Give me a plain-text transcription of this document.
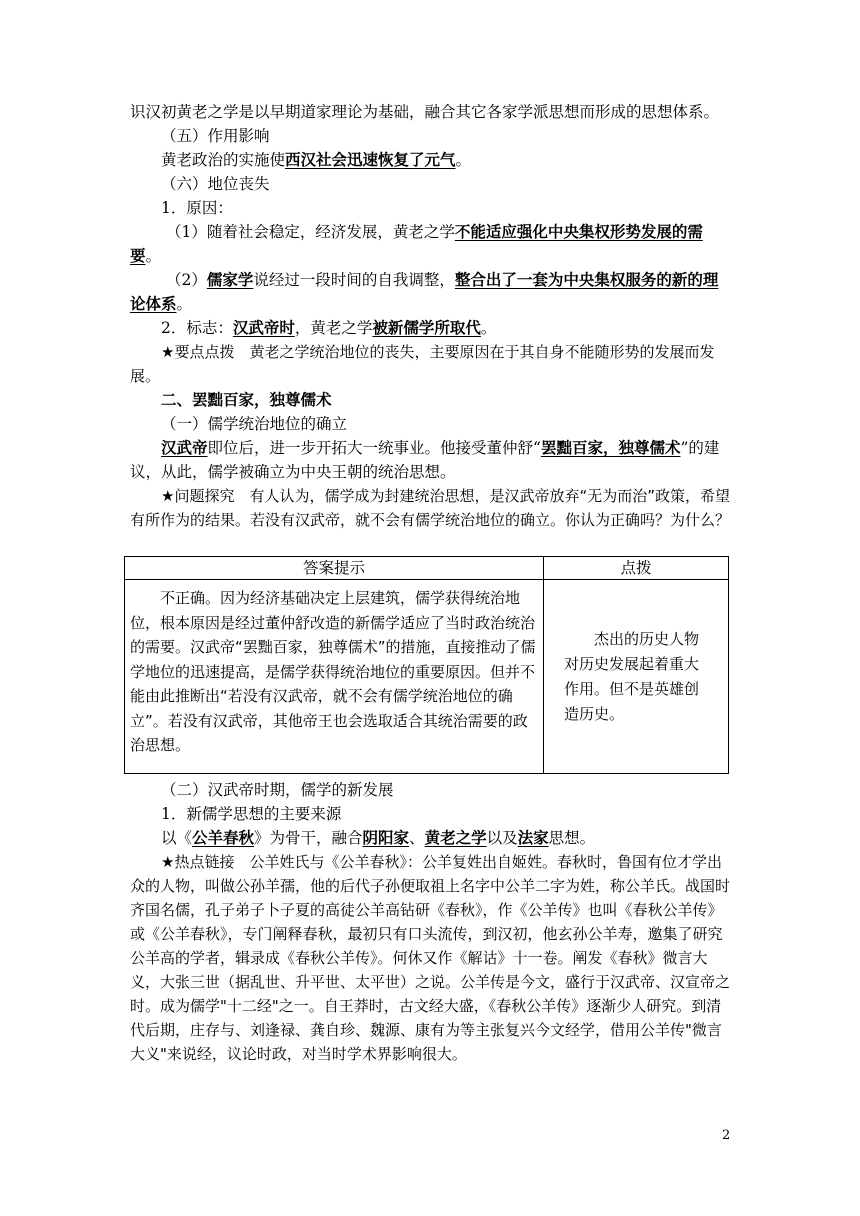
识汉初黄老之学是以早期道家理论为基础，融合其它各家学派思想而形成的思想体系。

（五）作用影响

黄老政治的实施使西汉社会迅速恢复了元气。

（六）地位丧失

1．原因：

（1）随着社会稳定，经济发展，黄老之学不能适应强化中央集权形势发展的需要。

（2）儒家学说经过一段时间的自我调整，整合出了一套为中央集权服务的新的理论体系。

2．标志：汉武帝时，黄老之学被新儒学所取代。

★要点点拨　黄老之学统治地位的丧失，主要原因在于其自身不能随形势的发展而发展。

二、罢黜百家，独尊儒术

（一）儒学统治地位的确立

汉武帝即位后，进一步开拓大一统事业。他接受董仲舒“罢黜百家，独尊儒术”的建议，从此，儒学被确立为中央王朝的统治思想。

★问题探究　有人认为，儒学成为封建统治思想，是汉武帝放弃“无为而治”政策，希望有所作为的结果。若没有汉武帝，就不会有儒学统治地位的确立。你认为正确吗？为什么？

答案提示	点拨
不正确。因为经济基础决定上层建筑，儒学获得统治地位，根本原因是经过董仲舒改造的新儒学适应了当时政治统治的需要。汉武帝“罢黜百家，独尊儒术”的措施，直接推动了儒学地位的迅速提高，是儒学获得统治地位的重要原因。但并不能由此推断出“若没有汉武帝，就不会有儒学统治地位的确立”。若没有汉武帝，其他帝王也会选取适合其统治需要的政治思想。	杰出的历史人物对历史发展起着重大作用。但不是英雄创造历史。

（二）汉武帝时期，儒学的新发展

1．新儒学思想的主要来源

以《公羊春秋》为骨干，融合阴阳家、黄老之学以及法家思想。

★热点链接　公羊姓氏与《公羊春秋》：公羊复姓出自姬姓。春秋时，鲁国有位才学出众的人物，叫做公孙羊孺，他的后代子孙便取祖上名字中公羊二字为姓，称公羊氏。战国时齐国名儒，孔子弟子卜子夏的高徒公羊高钻研《春秋》，作《公羊传》也叫《春秋公羊传》或《公羊春秋》，专门阐释春秋，最初只有口头流传，到汉初，他玄孙公羊寿，邀集了研究公羊高的学者，辑录成《春秋公羊传》。何休又作《解诂》十一卷。阐发《春秋》微言大义，大张三世（据乱世、升平世、太平世）之说。公羊传是今文，盛行于汉武帝、汉宣帝之时。成为儒学"十二经"之一。自王莽时，古文经大盛，《春秋公羊传》逐渐少人研究。到清代后期，庄存与、刘逢禄、龚自珍、魏源、康有为等主张复兴今文经学，借用公羊传"微言大义"来说经，议论时政，对当时学术界影响很大。

2
